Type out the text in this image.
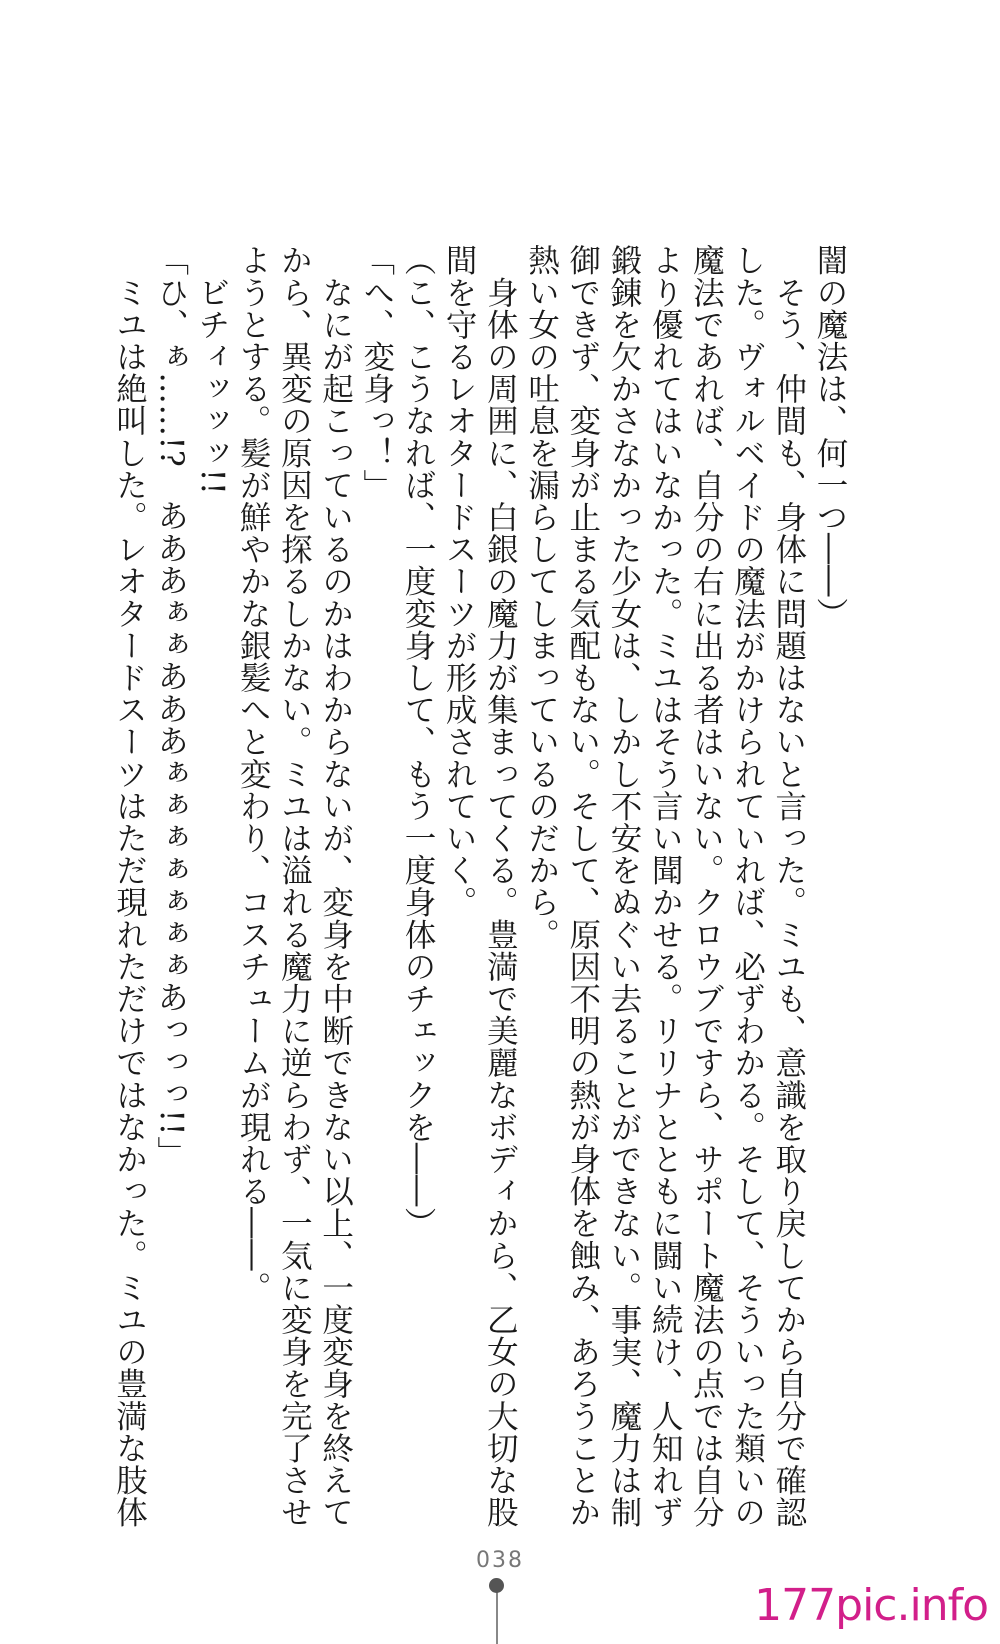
闇の魔法は、何一つ――）

　そう、仲間も、身体に問題はないと言った。ミユも、意識を取り戻してから自分で確認

した。ヴォルベイドの魔法がかけられていれば、必ずわかる。そして、そういった類いの

魔法であれば、自分の右に出る者はいない。クロウブですら、サポート魔法の点では自分

より優れてはいなかった。ミユはそう言い聞かせる。リリナとともに闘い続け、人知れず

鍛錬を欠かさなかった少女は、しかし不安をぬぐい去ることができない。事実、魔力は制

御できず、変身が止まる気配もない。そして、原因不明の熱が身体を蝕み、あろうことか

熱い女の吐息を漏らしてしまっているのだから。

　身体の周囲に、白銀の魔力が集まってくる。豊満で美麗なボディから、乙女の大切な股

間を守るレオタードスーツが形成されていく。

（こ、こうなれば、一度変身して、もう一度身体のチェックを――）

「へ、変身っ！」

　なにが起こっているのかはわからないが、変身を中断できない以上、一度変身を終えて

から、異変の原因を探るしかない。ミユは溢れる魔力に逆らわず、一気に変身を完了させ

ようとする。髪が鮮やかな銀髪へと変わり、コスチュームが現れる――。

　ビチィッッッ!!

「ひ、ぁ……!?　あああぁぁあああぁぁぁぁぁぁぁあっっっ!!」

　ミユは絶叫した。レオタードスーツはただ現れただけではなかった。ミユの豊満な肢体

038
177pic.info
